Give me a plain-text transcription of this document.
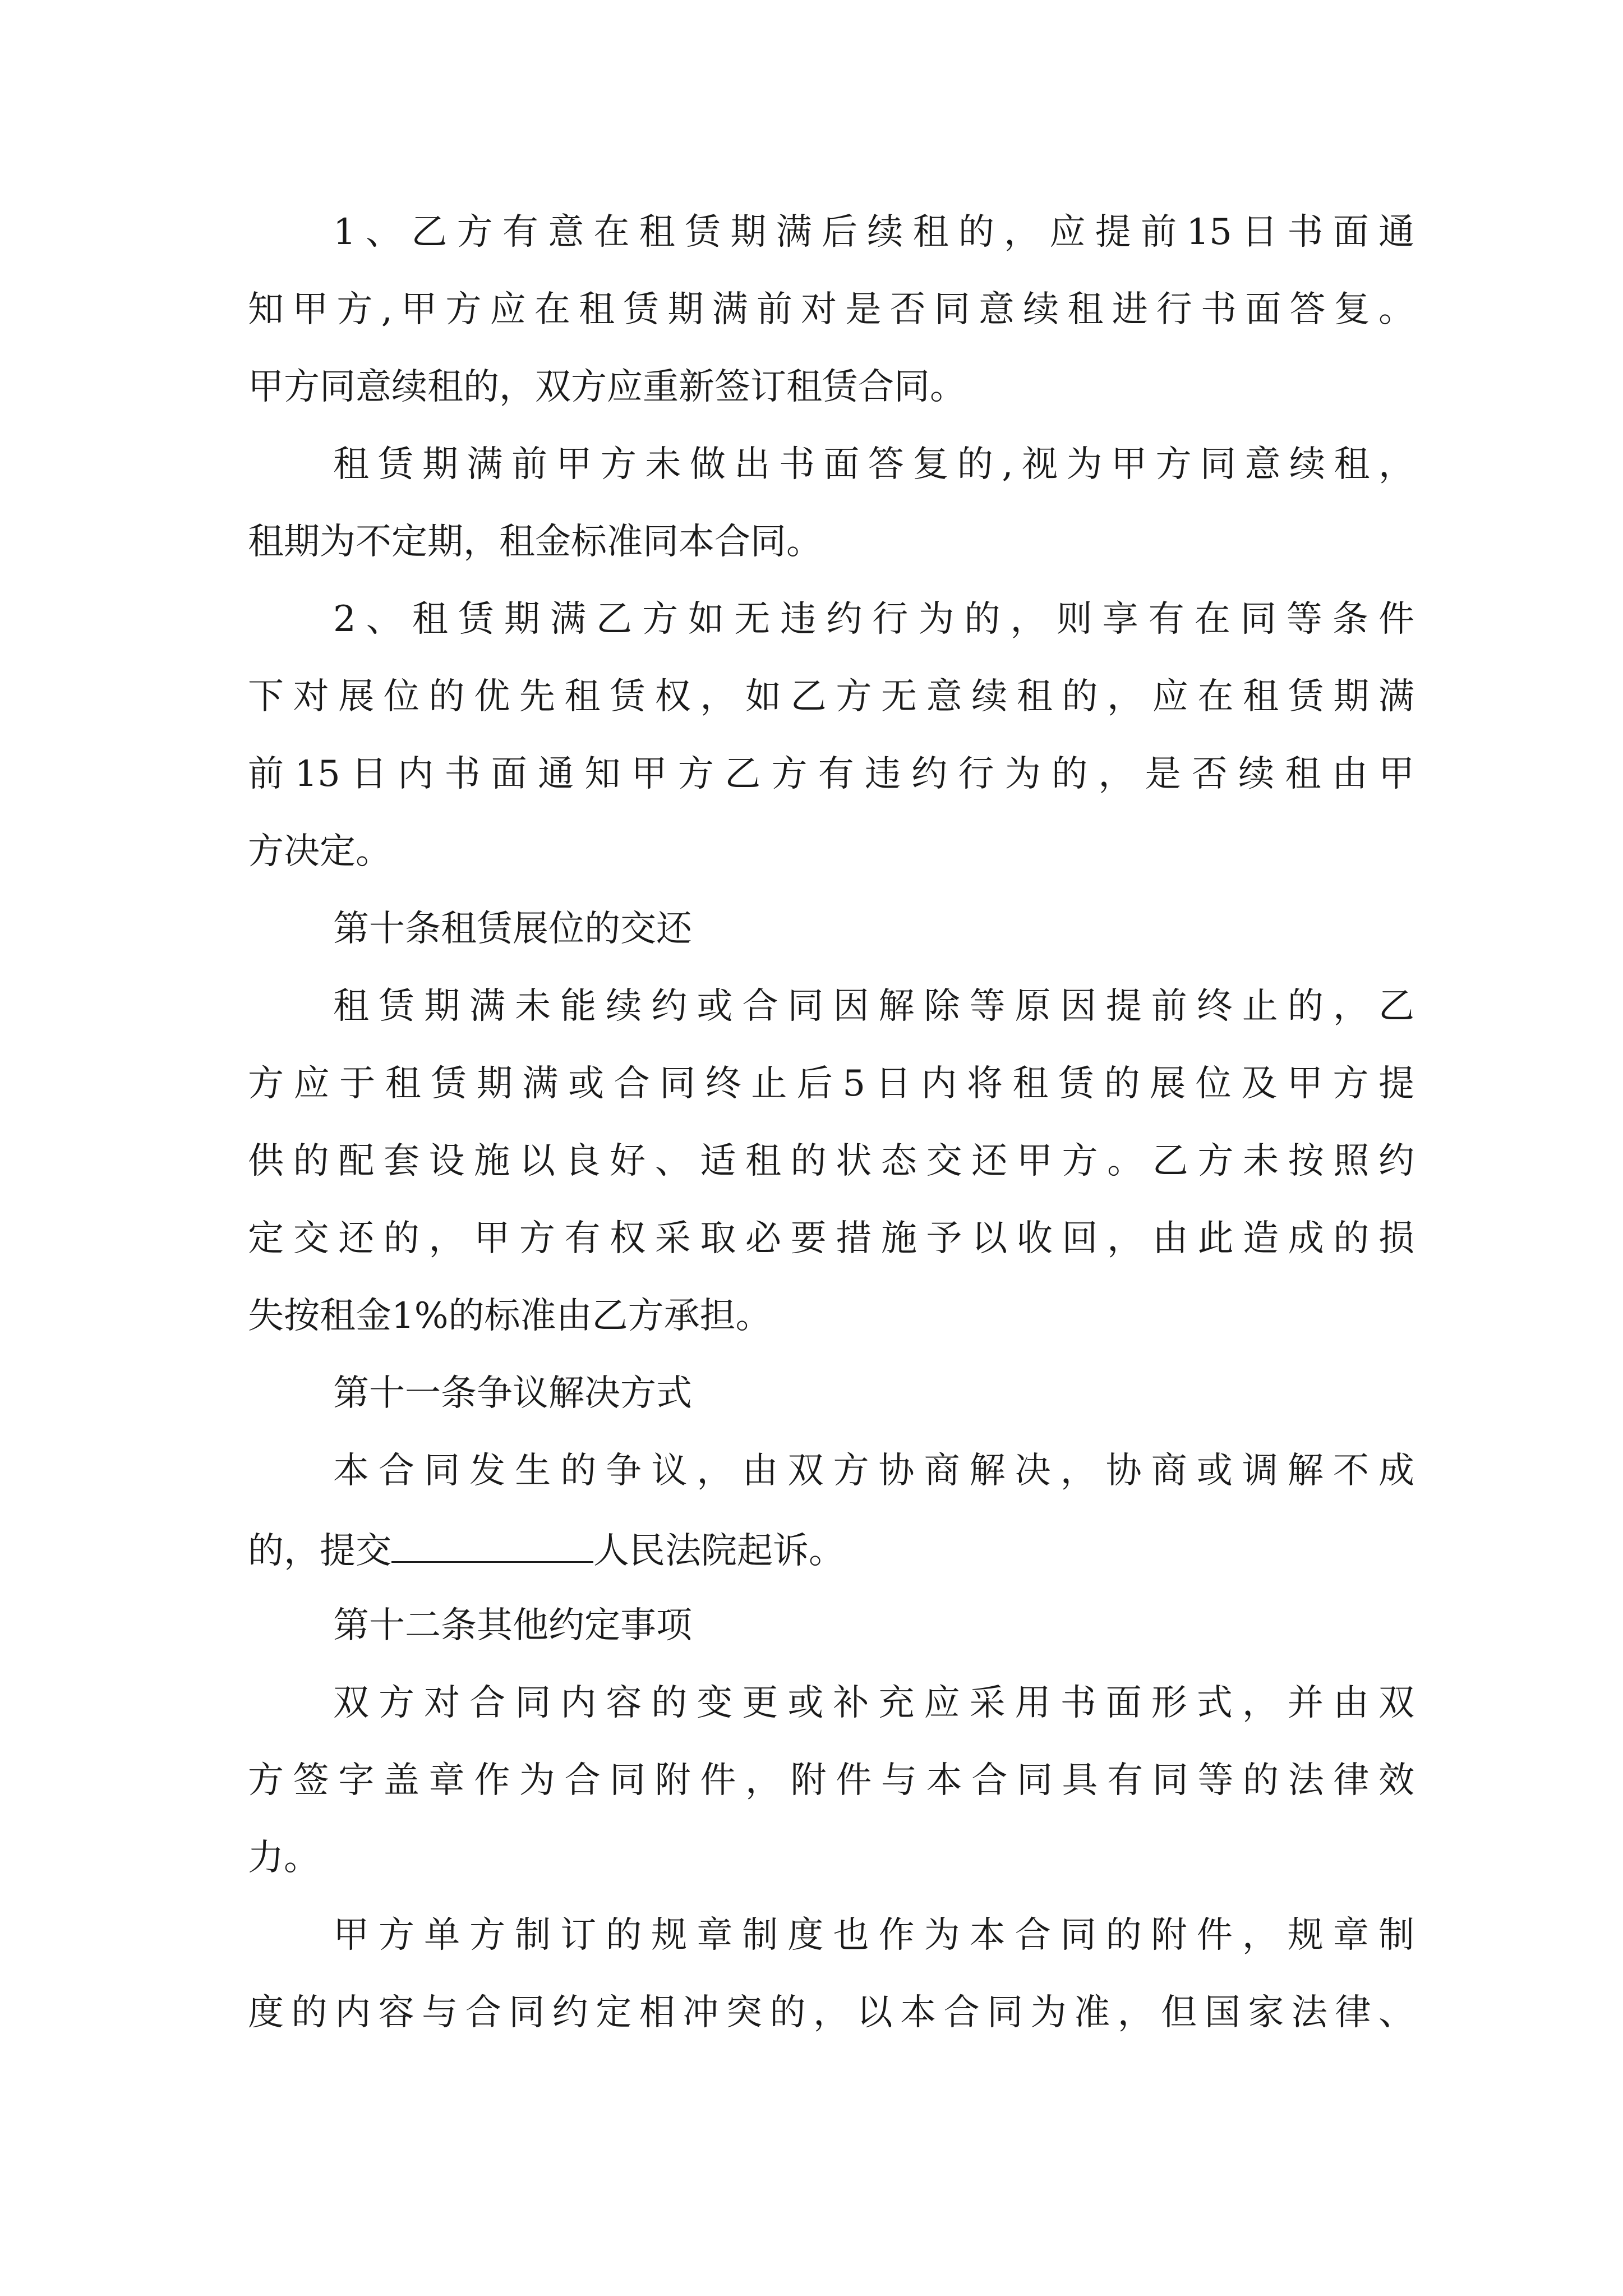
1、乙方有意在租赁期满后续租的，应提前15日书面通
知甲方,甲方应在租赁期满前对是否同意续租进行书面答复。
甲方同意续租的，双方应重新签订租赁合同。
租赁期满前甲方未做出书面答复的,视为甲方同意续租，
租期为不定期，租金标准同本合同。
2、租赁期满乙方如无违约行为的，则享有在同等条件
下对展位的优先租赁权，如乙方无意续租的，应在租赁期满
前15日内书面通知甲方乙方有违约行为的，是否续租由甲
方决定。
第十条租赁展位的交还
租赁期满未能续约或合同因解除等原因提前终止的，乙
方应于租赁期满或合同终止后5日内将租赁的展位及甲方提
供的配套设施以良好、适租的状态交还甲方。乙方未按照约
定交还的，甲方有权采取必要措施予以收回，由此造成的损
失按租金1%的标准由乙方承担。
第十一条争议解决方式
本合同发生的争议，由双方协商解决，协商或调解不成
的，提交	人民法院起诉。
第十二条其他约定事项
双方对合同内容的变更或补充应采用书面形式，并由双
方签字盖章作为合同附件，附件与本合同具有同等的法律效
力。
甲方单方制订的规章制度也作为本合同的附件，规章制
度的内容与合同约定相冲突的，以本合同为准，但国家法律、
